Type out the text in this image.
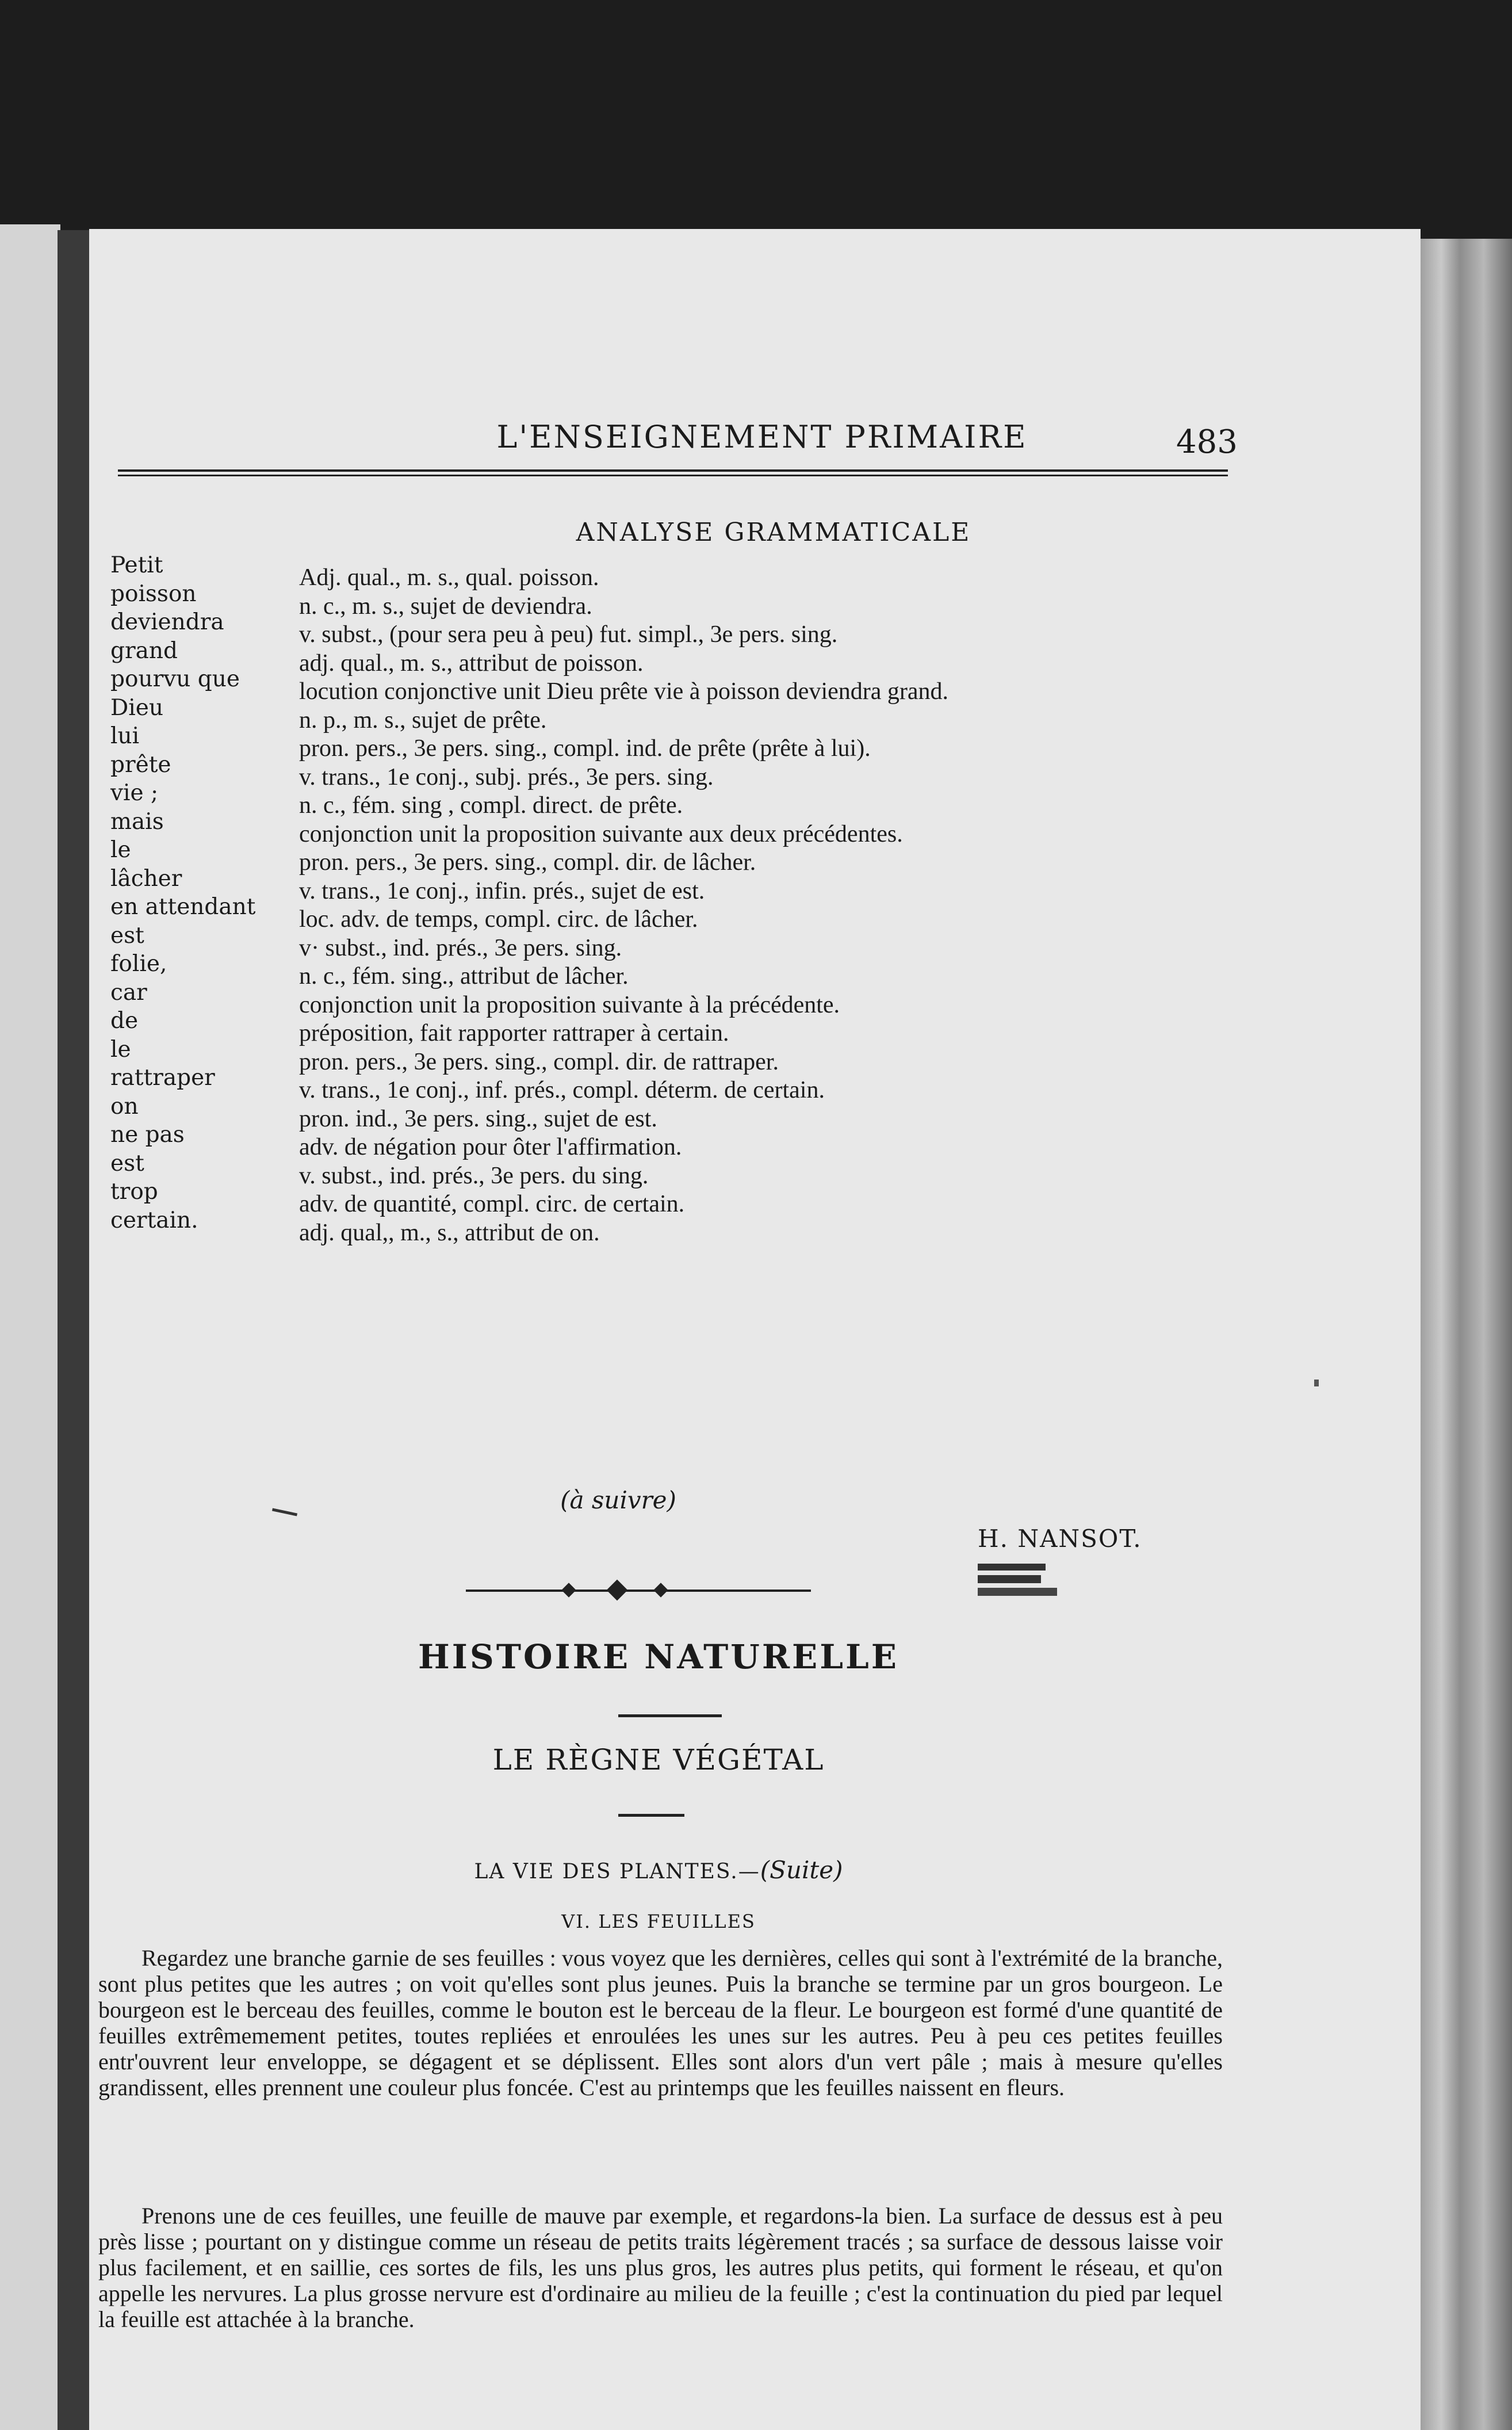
L'ENSEIGNEMENT PRIMAIRE	483
ANALYSE GRAMMATICALE
Petit
poisson
deviendra
grand
pourvu que
Dieu
lui
prête
vie ;
mais
le
lâcher
en attendant
est
folie,
car
de
le
rattraper
on
ne pas
est
trop
certain.
Adj. qual., m. s., qual. poisson.
n. c., m. s., sujet de deviendra.
v. subst., (pour sera peu à peu) fut. simpl., 3e pers. sing.
adj. qual., m. s., attribut de poisson.
locution conjonctive unit Dieu prête vie à poisson deviendra grand.
n. p., m. s., sujet de prête.
pron. pers., 3e pers. sing., compl. ind. de prête (prête à lui).
v. trans., 1e conj., subj. prés., 3e pers. sing.
n. c., fém. sing , compl. direct. de prête.
conjonction unit la proposition suivante aux deux précédentes.
pron. pers., 3e pers. sing., compl. dir. de lâcher.
v. trans., 1e conj., infin. prés., sujet de est.
loc. adv. de temps, compl. circ. de lâcher.
v· subst., ind. prés., 3e pers. sing.
n. c., fém. sing., attribut de lâcher.
conjonction unit la proposition suivante à la précédente.
préposition, fait rapporter rattraper à certain.
pron. pers., 3e pers. sing., compl. dir. de rattraper.
v. trans., 1e conj., inf. prés., compl. déterm. de certain.
pron. ind., 3e pers. sing., sujet de est.
adv. de négation pour ôter l'affirmation.
v. subst., ind. prés., 3e pers. du sing.
adv. de quantité, compl. circ. de certain.
adj. qual,, m., s., attribut de on.
(à suivre)
H. NANSOT.
HISTOIRE NATURELLE
LE RÈGNE VÉGÉTAL
LA VIE DES PLANTES.—(Suite)
VI. LES FEUILLES

Regardez une branche garnie de ses feuilles : vous voyez que les dernières, celles qui sont à l'extrémité de la branche, sont plus petites que les autres ; on voit qu'elles sont plus jeunes. Puis la branche se termine par un gros bourgeon. Le bourgeon est le berceau des feuilles, comme le bouton est le berceau de la fleur. Le bourgeon est formé d'une quantité de feuilles extrêmemement petites, toutes repliées et enroulées les unes sur les autres. Peu à peu ces petites feuilles entr'ouvrent leur enveloppe, se dégagent et se déplissent. Elles sont alors d'un vert pâle ; mais à mesure qu'elles grandissent, elles prennent une couleur plus foncée. C'est au printemps que les feuilles naissent en fleurs.

Prenons une de ces feuilles, une feuille de mauve par exemple, et regardons-la bien. La surface de dessus est à peu près lisse ; pourtant on y distingue comme un réseau de petits traits légèrement tracés ; sa surface de dessous laisse voir plus facilement, et en saillie, ces sortes de fils, les uns plus gros, les autres plus petits, qui forment le réseau, et qu'on appelle les nervures. La plus grosse nervure est d'ordinaire au milieu de la feuille ; c'est la continuation du pied par lequel la feuille est attachée à la branche.
